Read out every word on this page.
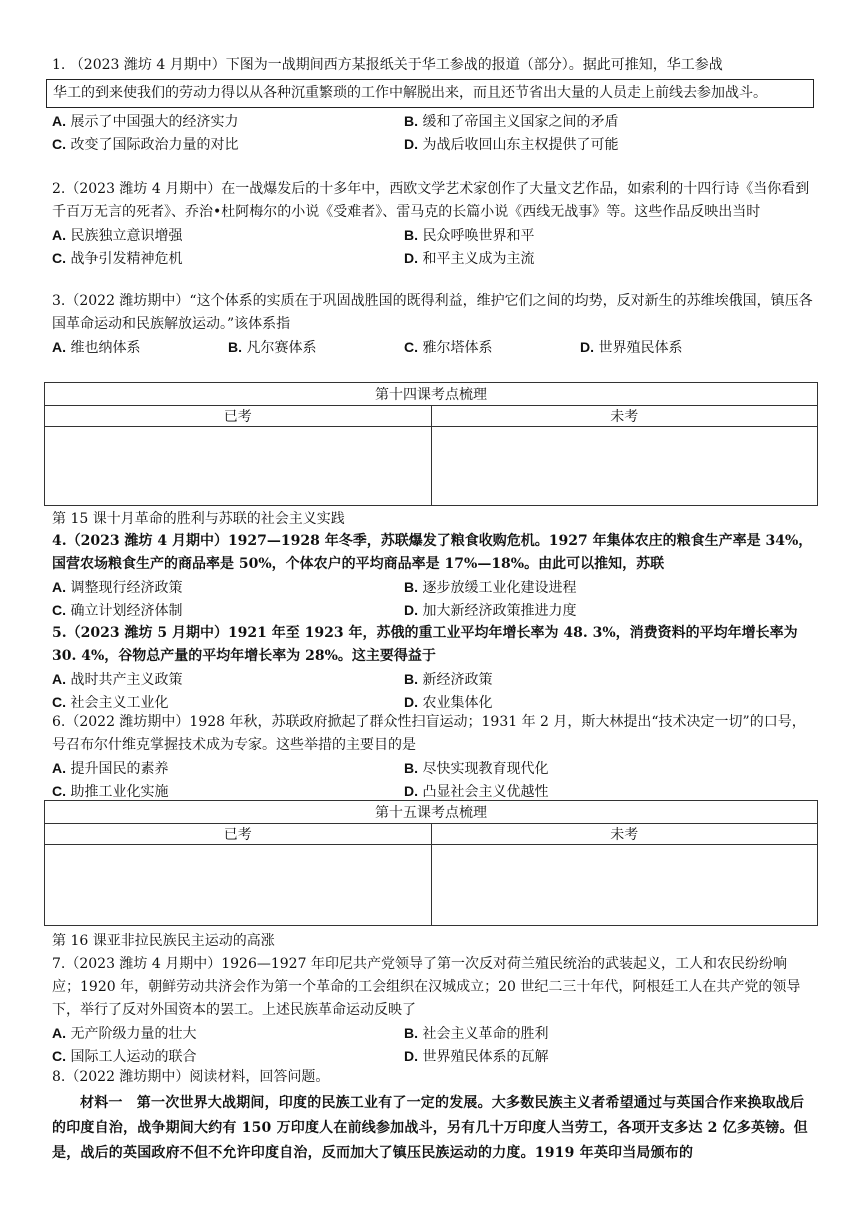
1. （2023 潍坊 4 月期中）下图为一战期间西方某报纸关于华工参战的报道（部分）。据此可推知，华工参战

华工的到来使我们的劳动力得以从各种沉重繁琐的工作中解脱出来，而且还节省出大量的人员走上前线去参加战斗。

A. 展示了中国强大的经济实力	B. 缓和了帝国主义国家之间的矛盾
C. 改变了国际政治力量的对比	D. 为战后收回山东主权提供了可能

2.（2023 潍坊 4 月期中）在一战爆发后的十多年中，西欧文学艺术家创作了大量文艺作品，如索利的十四行诗《当你看到千百万无言的死者》、乔治•杜阿梅尔的小说《受难者》、雷马克的长篇小说《西线无战事》等。这些作品反映出当时

A. 民族独立意识增强	B. 民众呼唤世界和平
C. 战争引发精神危机	D. 和平主义成为主流

3.（2022 潍坊期中）“这个体系的实质在于巩固战胜国的既得利益，维护它们之间的均势，反对新生的苏维埃俄国，镇压各国革命运动和民族解放运动。”该体系指

A. 维也纳体系	B. 凡尔赛体系	C. 雅尔塔体系	D. 世界殖民体系
第十四课考点梳理	
已考	未考

第 15 课十月革命的胜利与苏联的社会主义实践

4.（2023 潍坊 4 月期中）1927—1928 年冬季，苏联爆发了粮食收购危机。1927 年集体农庄的粮食生产率是 34%，国营农场粮食生产的商品率是 50%，个体农户的平均商品率是 17%—18%。由此可以推知，苏联

A. 调整现行经济政策	B. 逐步放缓工业化建设进程
C. 确立计划经济体制	D. 加大新经济政策推进力度

5.（2023 潍坊 5 月期中）1921 年至 1923 年，苏俄的重工业平均年增长率为 48. 3%，消费资料的平均年增长率为 30. 4%，谷物总产量的平均年增长率为 28%。这主要得益于

A. 战时共产主义政策	B. 新经济政策
C. 社会主义工业化	D. 农业集体化

6.（2022 潍坊期中）1928 年秋，苏联政府掀起了群众性扫盲运动；1931 年 2 月，斯大林提出“技术决定一切”的口号，号召布尔什维克掌握技术成为专家。这些举措的主要目的是

A. 提升国民的素养	B. 尽快实现教育现代化
C. 助推工业化实施	D. 凸显社会主义优越性
第十五课考点梳理	
已考	未考

第 16 课亚非拉民族民主运动的高涨

7.（2023 潍坊 4 月期中）1926—1927 年印尼共产党领导了第一次反对荷兰殖民统治的武装起义，工人和农民纷纷响应；1920 年，朝鲜劳动共济会作为第一个革命的工会组织在汉城成立；20 世纪二三十年代，阿根廷工人在共产党的领导下，举行了反对外国资本的罢工。上述民族革命运动反映了

A. 无产阶级力量的壮大	B. 社会主义革命的胜利
C. 国际工人运动的联合	D. 世界殖民体系的瓦解

8.（2022 潍坊期中）阅读材料，回答问题。

材料一　第一次世界大战期间，印度的民族工业有了一定的发展。大多数民族主义者希望通过与英国合作来换取战后的印度自治，战争期间大约有 150 万印度人在前线参加战斗，另有几十万印度人当劳工，各项开支多达 2 亿多英镑。但是，战后的英国政府不但不允许印度自治，反而加大了镇压民族运动的力度。1919 年英印当局颁布的
